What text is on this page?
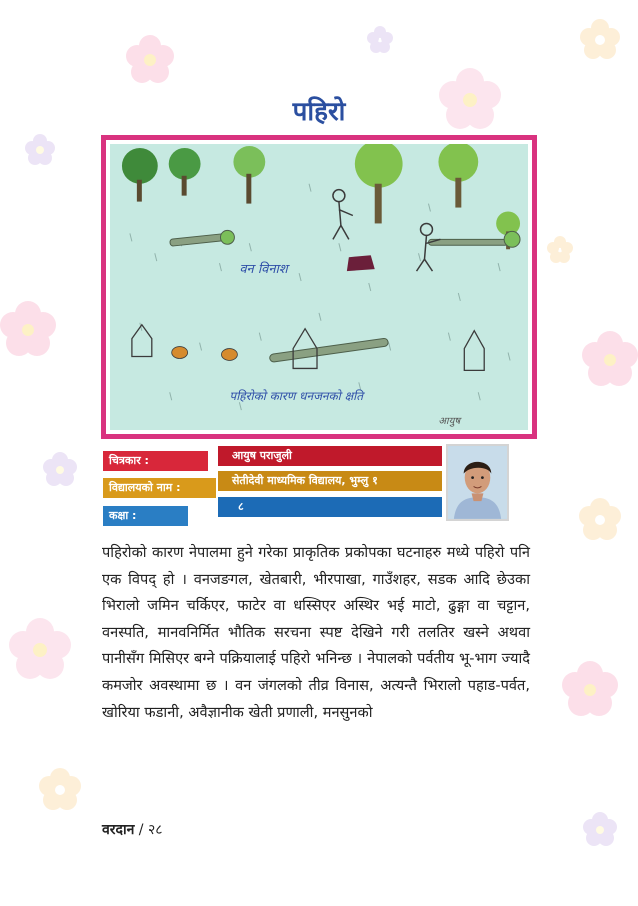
पहिरो
वन विनाश
पहिरोको कारण धनजनको क्षति
आयुष
चित्रकार :
विद्यालयको नाम :
कक्षा :
आयुष पराजुली
सेतीदेवी माध्यमिक विद्यालय, भुम्लु १
८

पहिरोको कारण नेपालमा हुने गरेका प्राकृतिक प्रकोपका घटनाहरु मध्ये पहिरो पनि एक विपद् हो । वनजङगल, खेतबारी, भीरपाखा, गाउँशहर, सडक आदि छेउका भिरालो जमिन चर्किएर, फाटेर वा धस्सिएर अस्थिर भई माटो, ढुङ्गा वा चट्टान, वनस्पति, मानवनिर्मित भौतिक सरचना स्पष्ट देखिने गरी तलतिर खस्ने अथवा पानीसँग मिसिएर बग्ने पक्रियालाई पहिरो भनिन्छ । नेपालको पर्वतीय भू-भाग ज्यादै कमजोर अवस्थामा छ । वन जंगलको तीव्र विनास, अत्यन्तै भिरालो पहाड-पर्वत, खोरिया फडानी, अवैज्ञानीक खेती प्रणाली, मनसुनको

वरदान / २८
